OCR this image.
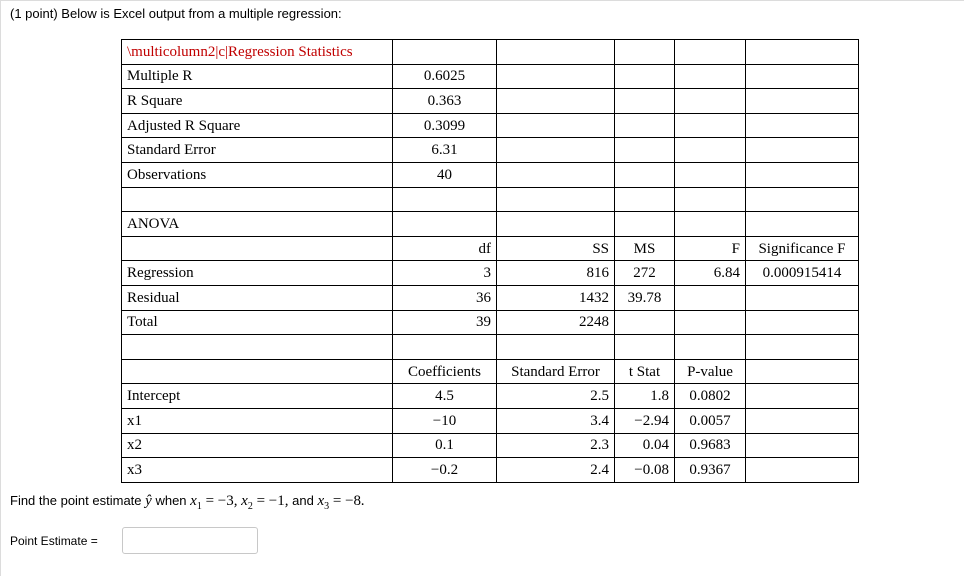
(1 point) Below is Excel output from a multiple regression:
\multicolumn2|c|Regression Statistics					
Multiple R	0.6025				
R Square	0.363				
Adjusted R Square	0.3099				
Standard Error	6.31				
Observations	40				

ANOVA					
	df	SS	MS	F	Significance F
Regression	3	816	272	6.84	0.000915414
Residual	36	1432	39.78		
Total	39	2248			

	Coefficients	Standard Error	t Stat	P-value	
Intercept	4.5	2.5	1.8	0.0802	
x1	−10	3.4	−2.94	0.0057	
x2	0.1	2.3	0.04	0.9683	
x3	−0.2	2.4	−0.08	0.9367	
Find the point estimate ŷ when $x_1 = -3$, $x_2 = -1$, and $x_3 = -8$.
Point Estimate =
